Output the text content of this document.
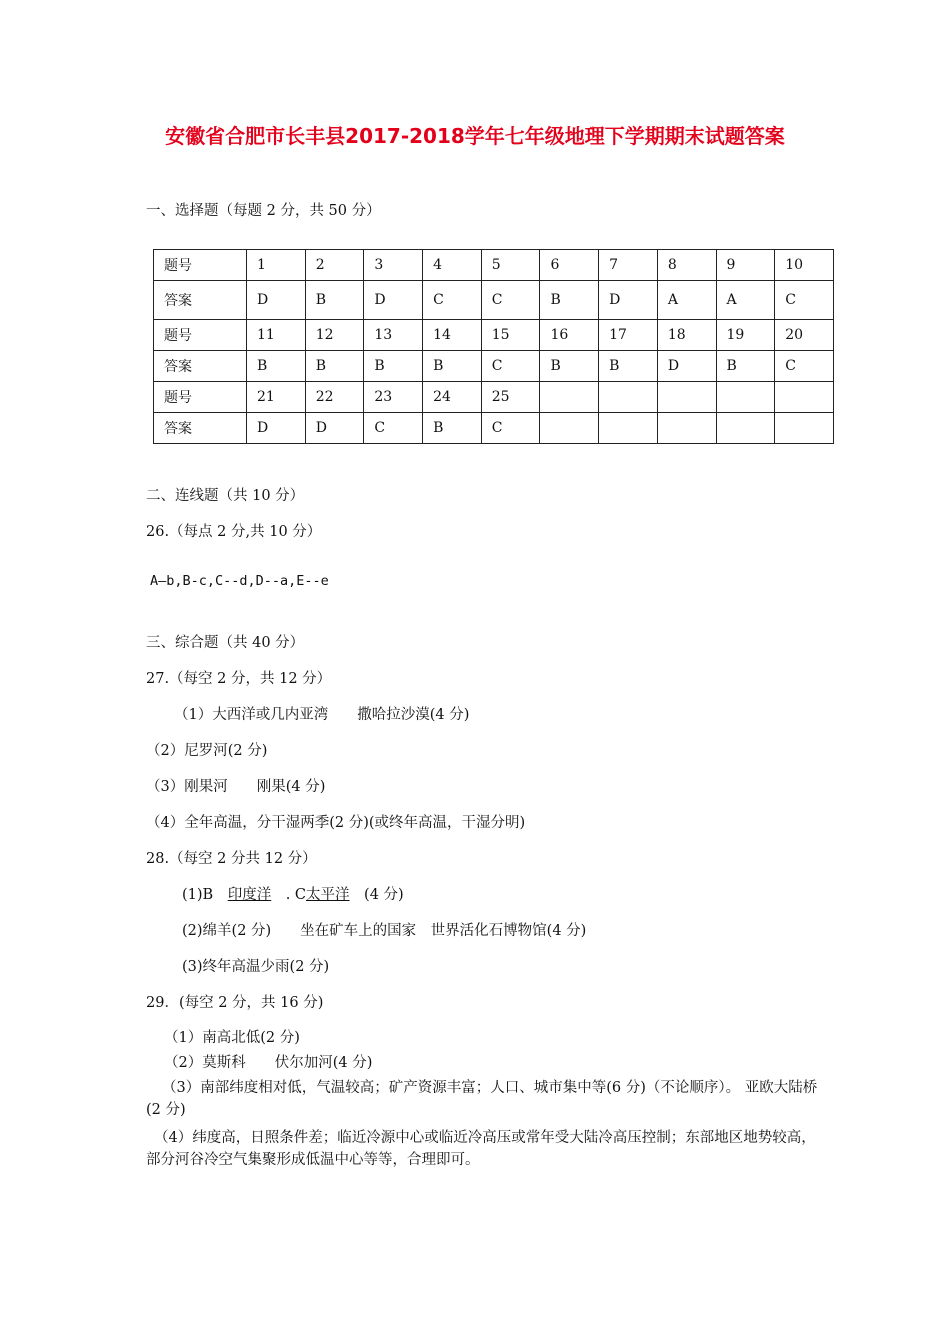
安徽省合肥市长丰县2017-2018学年七年级地理下学期期末试题答案
一、选择题（每题 2 分，共 50 分）
题号	1	2	3	4	5	6	7	8	9	10
答案	D	B	D	C	C	B	D	A	A	C
题号	11	12	13	14	15	16	17	18	19	20
答案	B	B	B	B	C	B	B	D	B	C
题号	21	22	23	24	25					
答案	D	D	C	B	C					
二、连线题（共 10 分）
26.（每点 2 分,共 10 分）
A—b,B-c,C--d,D--a,E--e
三、综合题（共 40 分）
27.（每空 2 分，共 12 分）
（1）大西洋或几内亚湾　　撒哈拉沙漠(4 分)
（2）尼罗河(2 分)
（3）刚果河　　刚果(4 分)
（4）全年高温，分干湿两季(2 分)(或终年高温，干湿分明)
28.（每空 2 分共 12 分）
(1)B　印度洋　. C太平洋　(4 分)
(2)绵羊(2 分)　　坐在矿车上的国家　世界活化石博物馆(4 分)
(3)终年高温少雨(2 分)
29．(每空 2 分，共 16 分)
（1）南高北低(2 分)
（2）莫斯科　　伏尔加河(4 分)
（3）南部纬度相对低，气温较高；矿产资源丰富；人口、城市集中等(6 分)（不论顺序）。 亚欧大陆桥(2 分)
（4）纬度高，日照条件差；临近冷源中心或临近冷高压或常年受大陆冷高压控制；东部地区地势较高，部分河谷冷空气集聚形成低温中心等等，合理即可。
